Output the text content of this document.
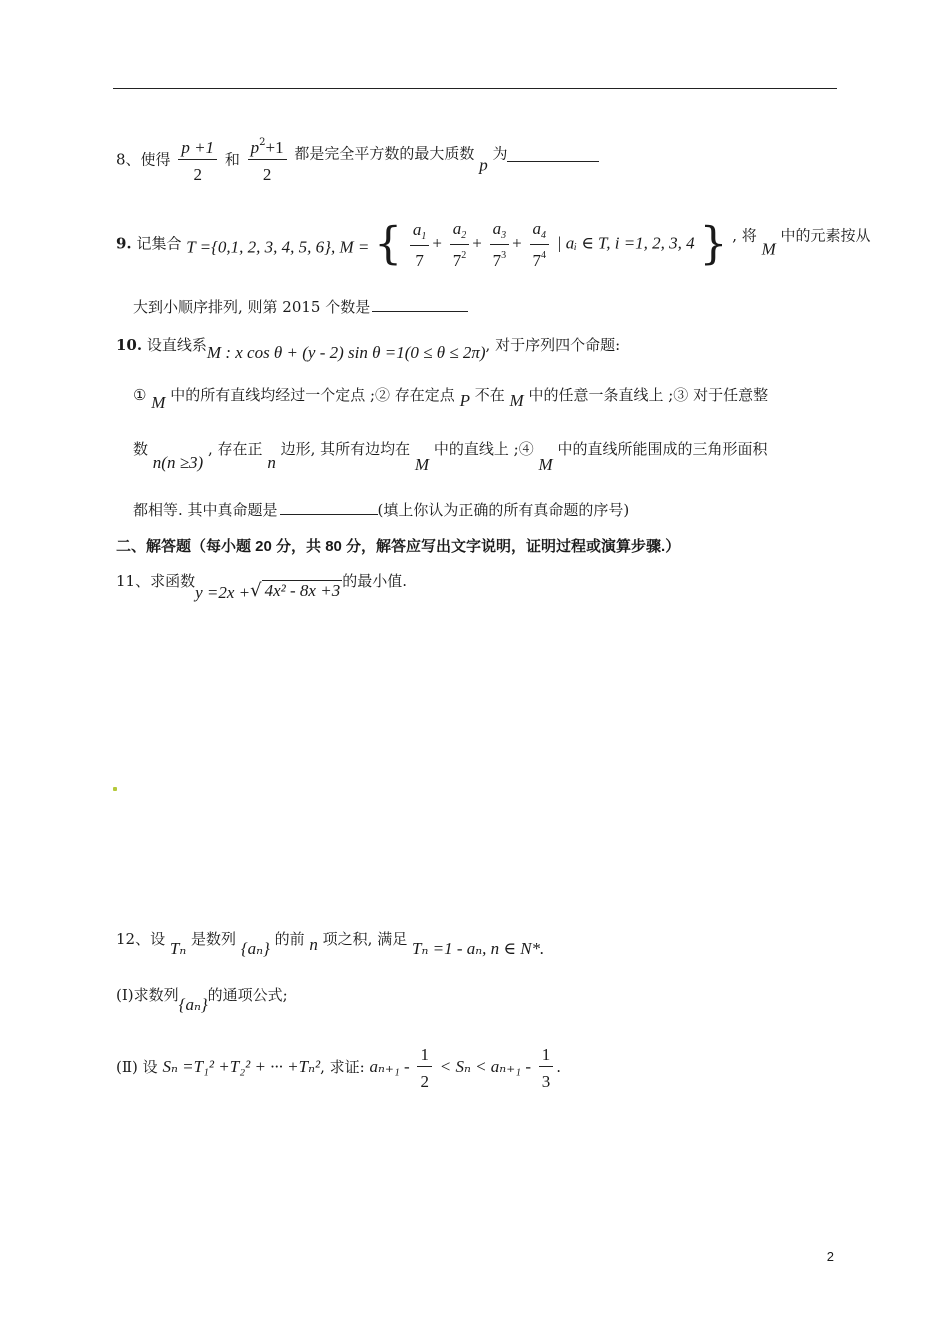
8、使得 $\frac{p +1}{2}$ 和 $\frac{p^2+1}{2}$ 都是完全平方数的最大质数 p 为
9. 记集合 T ={0,1, 2, 3, 4, 5, 6}, M = { $\frac{a_1}{7} + \frac{a_2}{7^2} + \frac{a_3}{7^3} + \frac{a_4}{7^4}$ | aᵢ ∈ T, i =1, 2, 3, 4 } , 将 M 中的元素按从
大到小顺序排列, 则第 2015 个数是
10. 设直线系M : x cos θ + (y - 2) sin θ =1(0 ≤ θ ≤ 2π), 对于序列四个命题:
① M 中的所有直线均经过一个定点 ;② 存在定点 P 不在 M 中的任意一条直线上 ;③ 对于任意整
数 n(n ≥3) , 存在正 n 边形, 其所有边均在 M 中的直线上 ;④ M 中的直线所能围成的三角形面积
都相等. 其中真命题是	(填上你认为正确的所有真命题的序号)
二、解答题（每小题 20 分，共 80 分，解答应写出文字说明，证明过程或演算步骤.）
11、求函数y =2x +√ 4x² - 8x +3 的最小值.
12、设 Tₙ 是数列 {aₙ} 的前 n 项之积, 满足 Tₙ =1 - aₙ, n ∈ N*.
(Ⅰ)求数列{aₙ}的通项公式;
(Ⅱ) 设 Sₙ =T₁² +T₂² + ··· +Tₙ², 求证: $a_{n+1} - \frac{1}{2} < S_n < a_{n+1} - \frac{1}{3}$ .
2
